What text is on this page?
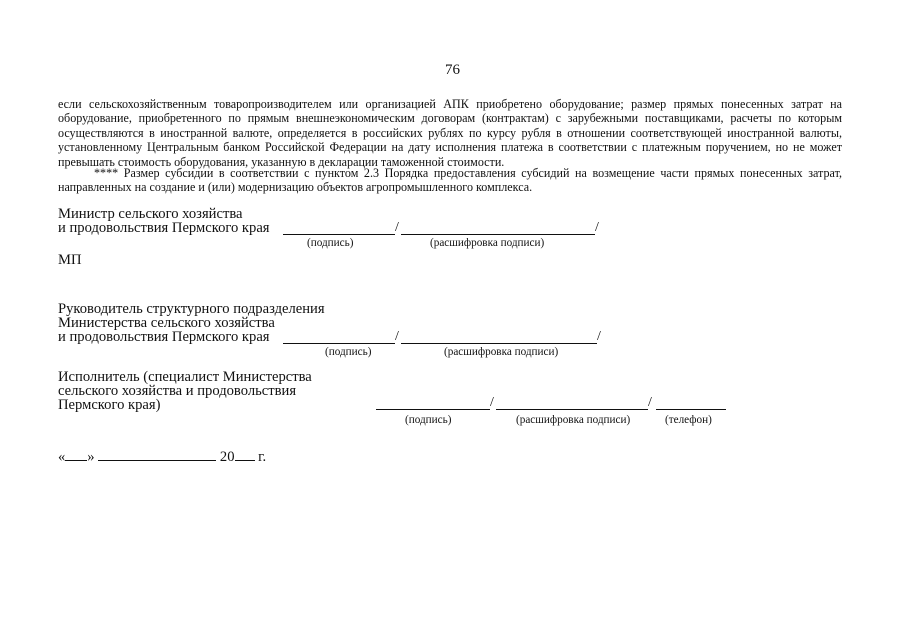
76
если сельскохозяйственным товаропроизводителем или организацией АПК приобретено оборудование; размер прямых понесенных затрат на оборудование, приобретенного по прямым внешнеэкономическим договорам (контрактам) с зарубежными поставщиками, расчеты по которым осуществляются в иностранной валюте, определяется в российских рублях по курсу рубля в отношении соответствующей иностранной валюты, установленному Центральным банком Российской Федерации на дату исполнения платежа в соответствии с платежным поручением, но не может превышать стоимость оборудования, указанную в декларации таможенной стоимости.
**** Размер субсидии в соответствии с пунктом 2.3 Порядка предоставления субсидий на возмещение части прямых понесенных затрат, направленных на создание и (или) модернизацию объектов агропромышленного комплекса.
Министр сельского хозяйства
и продовольствия Пермского края	/	/
(подпись)	(расшифровка подписи)
МП
Руководитель структурного подразделения
Министерства сельского хозяйства
и продовольствия Пермского края	/	/
(подпись)	(расшифровка подписи)
Исполнитель (специалист Министерства
сельского хозяйства и продовольствия
Пермского края)	/	/
(подпись)	(расшифровка подписи)	(телефон)
« »	20 г.
